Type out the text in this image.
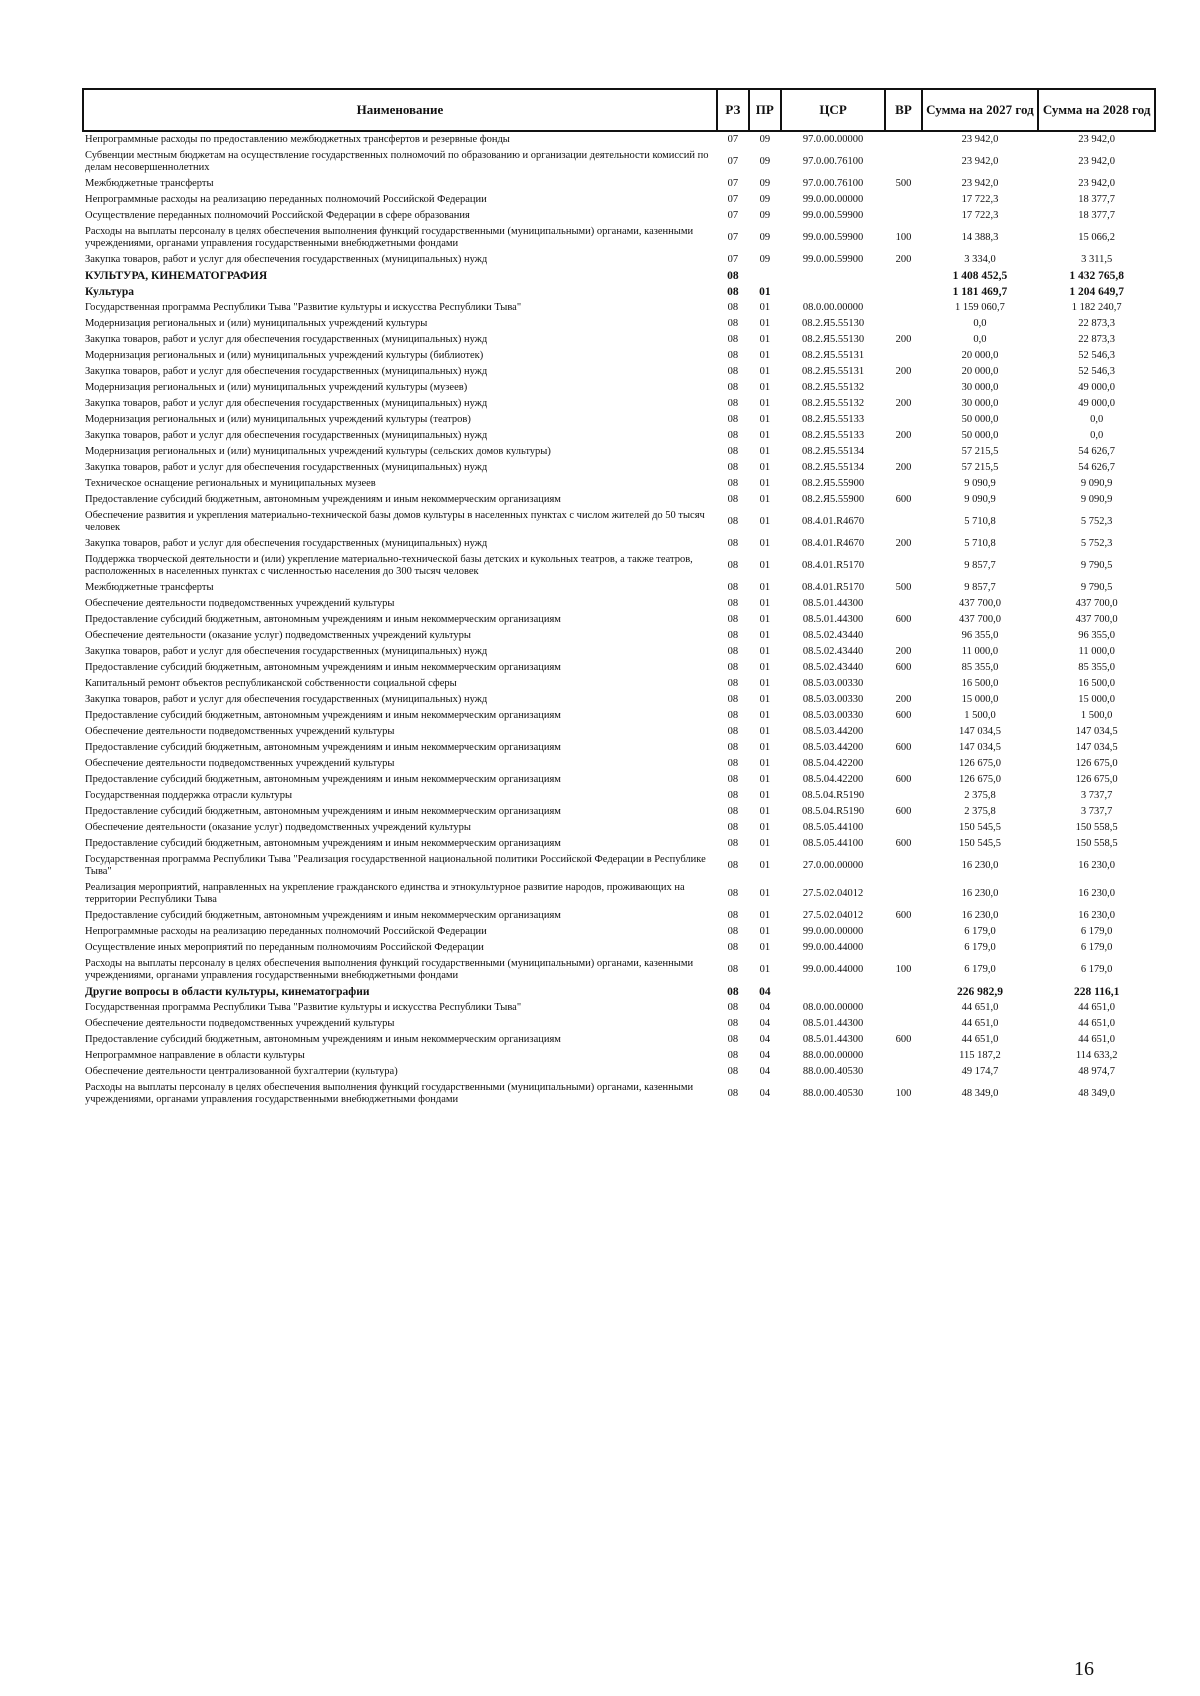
Наименование	РЗ	ПР	ЦСР	ВР	Сумма на 2027 год	Сумма на 2028 год
Непрограммные расходы по предоставлению межбюджетных трансфертов и резервные фонды	07	09	97.0.00.00000		23 942,0	23 942,0
Субвенции местным бюджетам на осуществление государственных полномочий по образованию и организации деятельности комиссий по делам несовершеннолетних	07	09	97.0.00.76100		23 942,0	23 942,0
Межбюджетные трансферты	07	09	97.0.00.76100	500	23 942,0	23 942,0
Непрограммные расходы на реализацию переданных полномочий Российской Федерации	07	09	99.0.00.00000		17 722,3	18 377,7
Осуществление переданных полномочий Российской Федерации в сфере образования	07	09	99.0.00.59900		17 722,3	18 377,7
Расходы на выплаты персоналу в целях обеспечения выполнения функций государственными (муниципальными) органами, казенными учреждениями, органами управления государственными внебюджетными фондами	07	09	99.0.00.59900	100	14 388,3	15 066,2
Закупка товаров, работ и услуг для обеспечения государственных (муниципальных) нужд	07	09	99.0.00.59900	200	3 334,0	3 311,5
КУЛЬТУРА, КИНЕМАТОГРАФИЯ	08				1 408 452,5	1 432 765,8
Культура	08	01			1 181 469,7	1 204 649,7
Государственная программа Республики Тыва "Развитие культуры и искусства Республики Тыва"	08	01	08.0.00.00000		1 159 060,7	1 182 240,7
Модернизация региональных и (или) муниципальных учреждений культуры	08	01	08.2.Я5.55130		0,0	22 873,3
Закупка товаров, работ и услуг для обеспечения государственных (муниципальных) нужд	08	01	08.2.Я5.55130	200	0,0	22 873,3
Модернизация региональных и (или) муниципальных учреждений культуры (библиотек)	08	01	08.2.Я5.55131		20 000,0	52 546,3
Закупка товаров, работ и услуг для обеспечения государственных (муниципальных) нужд	08	01	08.2.Я5.55131	200	20 000,0	52 546,3
Модернизация региональных и (или) муниципальных учреждений культуры (музеев)	08	01	08.2.Я5.55132		30 000,0	49 000,0
Закупка товаров, работ и услуг для обеспечения государственных (муниципальных) нужд	08	01	08.2.Я5.55132	200	30 000,0	49 000,0
Модернизация региональных и (или) муниципальных учреждений культуры (театров)	08	01	08.2.Я5.55133		50 000,0	0,0
Закупка товаров, работ и услуг для обеспечения государственных (муниципальных) нужд	08	01	08.2.Я5.55133	200	50 000,0	0,0
Модернизация региональных и (или) муниципальных учреждений культуры (сельских домов культуры)	08	01	08.2.Я5.55134		57 215,5	54 626,7
Закупка товаров, работ и услуг для обеспечения государственных (муниципальных) нужд	08	01	08.2.Я5.55134	200	57 215,5	54 626,7
Техническое оснащение региональных и муниципальных музеев	08	01	08.2.Я5.55900		9 090,9	9 090,9
Предоставление субсидий бюджетным, автономным учреждениям и иным некоммерческим организациям	08	01	08.2.Я5.55900	600	9 090,9	9 090,9
Обеспечение развития и укрепления материально-технической базы домов культуры в населенных пунктах с числом жителей до 50 тысяч человек	08	01	08.4.01.R4670		5 710,8	5 752,3
Закупка товаров, работ и услуг для обеспечения государственных (муниципальных) нужд	08	01	08.4.01.R4670	200	5 710,8	5 752,3
Поддержка творческой деятельности и (или) укрепление материально-технической базы детских и кукольных театров, а также театров, расположенных в населенных пунктах с численностью населения до 300 тысяч человек	08	01	08.4.01.R5170		9 857,7	9 790,5
Межбюджетные трансферты	08	01	08.4.01.R5170	500	9 857,7	9 790,5
Обеспечение деятельности подведомственных учреждений культуры	08	01	08.5.01.44300		437 700,0	437 700,0
Предоставление субсидий бюджетным, автономным учреждениям и иным некоммерческим организациям	08	01	08.5.01.44300	600	437 700,0	437 700,0
Обеспечение деятельности (оказание услуг) подведомственных учреждений культуры	08	01	08.5.02.43440		96 355,0	96 355,0
Закупка товаров, работ и услуг для обеспечения государственных (муниципальных) нужд	08	01	08.5.02.43440	200	11 000,0	11 000,0
Предоставление субсидий бюджетным, автономным учреждениям и иным некоммерческим организациям	08	01	08.5.02.43440	600	85 355,0	85 355,0
Капитальный ремонт объектов республиканской собственности социальной сферы	08	01	08.5.03.00330		16 500,0	16 500,0
Закупка товаров, работ и услуг для обеспечения государственных (муниципальных) нужд	08	01	08.5.03.00330	200	15 000,0	15 000,0
Предоставление субсидий бюджетным, автономным учреждениям и иным некоммерческим организациям	08	01	08.5.03.00330	600	1 500,0	1 500,0
Обеспечение деятельности подведомственных учреждений культуры	08	01	08.5.03.44200		147 034,5	147 034,5
Предоставление субсидий бюджетным, автономным учреждениям и иным некоммерческим организациям	08	01	08.5.03.44200	600	147 034,5	147 034,5
Обеспечение деятельности подведомственных учреждений культуры	08	01	08.5.04.42200		126 675,0	126 675,0
Предоставление субсидий бюджетным, автономным учреждениям и иным некоммерческим организациям	08	01	08.5.04.42200	600	126 675,0	126 675,0
Государственная поддержка отрасли культуры	08	01	08.5.04.R5190		2 375,8	3 737,7
Предоставление субсидий бюджетным, автономным учреждениям и иным некоммерческим организациям	08	01	08.5.04.R5190	600	2 375,8	3 737,7
Обеспечение деятельности (оказание услуг) подведомственных учреждений культуры	08	01	08.5.05.44100		150 545,5	150 558,5
Предоставление субсидий бюджетным, автономным учреждениям и иным некоммерческим организациям	08	01	08.5.05.44100	600	150 545,5	150 558,5
Государственная программа Республики Тыва "Реализация государственной национальной политики Российской Федерации в Республике Тыва"	08	01	27.0.00.00000		16 230,0	16 230,0
Реализация мероприятий, направленных на укрепление гражданского единства и этнокультурное развитие народов, проживающих на территории Республики Тыва	08	01	27.5.02.04012		16 230,0	16 230,0
Предоставление субсидий бюджетным, автономным учреждениям и иным некоммерческим организациям	08	01	27.5.02.04012	600	16 230,0	16 230,0
Непрограммные расходы на реализацию переданных полномочий Российской Федерации	08	01	99.0.00.00000		6 179,0	6 179,0
Осуществление иных мероприятий по переданным полномочиям Российской Федерации	08	01	99.0.00.44000		6 179,0	6 179,0
Расходы на выплаты персоналу в целях обеспечения выполнения функций государственными (муниципальными) органами, казенными учреждениями, органами управления государственными внебюджетными фондами	08	01	99.0.00.44000	100	6 179,0	6 179,0
Другие вопросы в области культуры, кинематографии	08	04			226 982,9	228 116,1
Государственная программа Республики Тыва "Развитие культуры и искусства Республики Тыва"	08	04	08.0.00.00000		44 651,0	44 651,0
Обеспечение деятельности подведомственных учреждений культуры	08	04	08.5.01.44300		44 651,0	44 651,0
Предоставление субсидий бюджетным, автономным учреждениям и иным некоммерческим организациям	08	04	08.5.01.44300	600	44 651,0	44 651,0
Непрограммное направление в области культуры	08	04	88.0.00.00000		115 187,2	114 633,2
Обеспечение деятельности централизованной бухгалтерии (культура)	08	04	88.0.00.40530		49 174,7	48 974,7
Расходы на выплаты персоналу в целях обеспечения выполнения функций государственными (муниципальными) органами, казенными учреждениями, органами управления государственными внебюджетными фондами	08	04	88.0.00.40530	100	48 349,0	48 349,0
16
